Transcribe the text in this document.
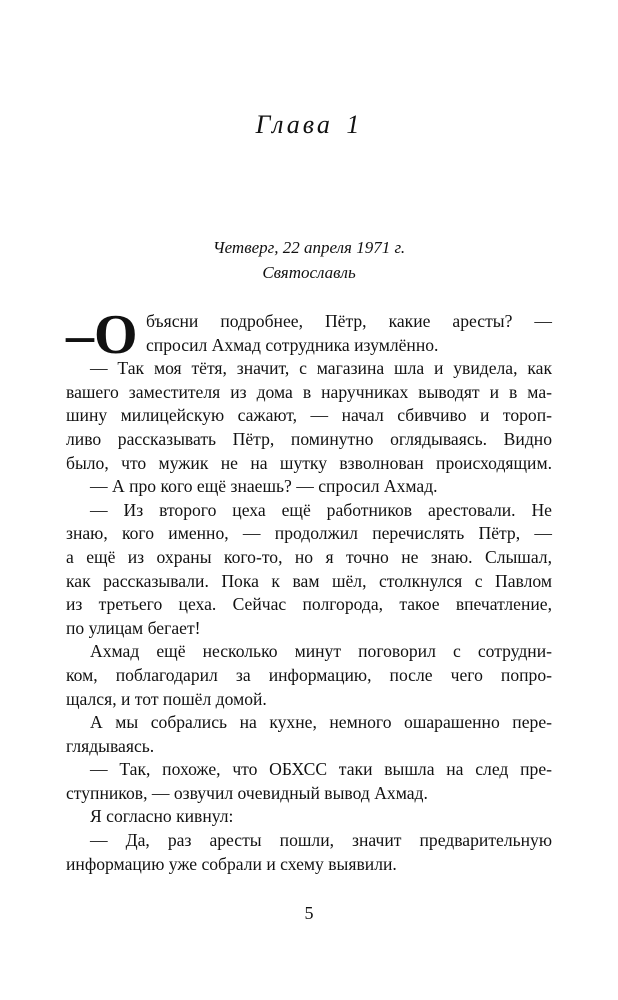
Глава 1
Четверг, 22 апреля 1971 г.
Святославль
–О бъясни подробнее, Пётр, какие аресты? —
спросил Ахмад сотрудника изумлённо.
— Так моя тётя, значит, с магазина шла и увидела, как
вашего заместителя из дома в наручниках выводят и в ма-
шину милицейскую сажают, — начал сбивчиво и тороп-
ливо рассказывать Пётр, поминутно оглядываясь. Видно
было, что мужик не на шутку взволнован происходящим.
— А про кого ещё знаешь? — спросил Ахмад.
— Из второго цеха ещё работников арестовали. Не
знаю, кого именно, — продолжил перечислять Пётр, —
а ещё из охраны кого-то, но я точно не знаю. Слышал,
как рассказывали. Пока к вам шёл, столкнулся с Павлом
из третьего цеха. Сейчас полгорода, такое впечатление,
по улицам бегает!
Ахмад ещё несколько минут поговорил с сотрудни-
ком, поблагодарил за информацию, после чего попро-
щался, и тот пошёл домой.
А мы собрались на кухне, немного ошарашенно пере-
глядываясь.
— Так, похоже, что ОБХСС таки вышла на след пре-
ступников, — озвучил очевидный вывод Ахмад.
Я согласно кивнул:
— Да, раз аресты пошли, значит предварительную
информацию уже собрали и схему выявили.
5
